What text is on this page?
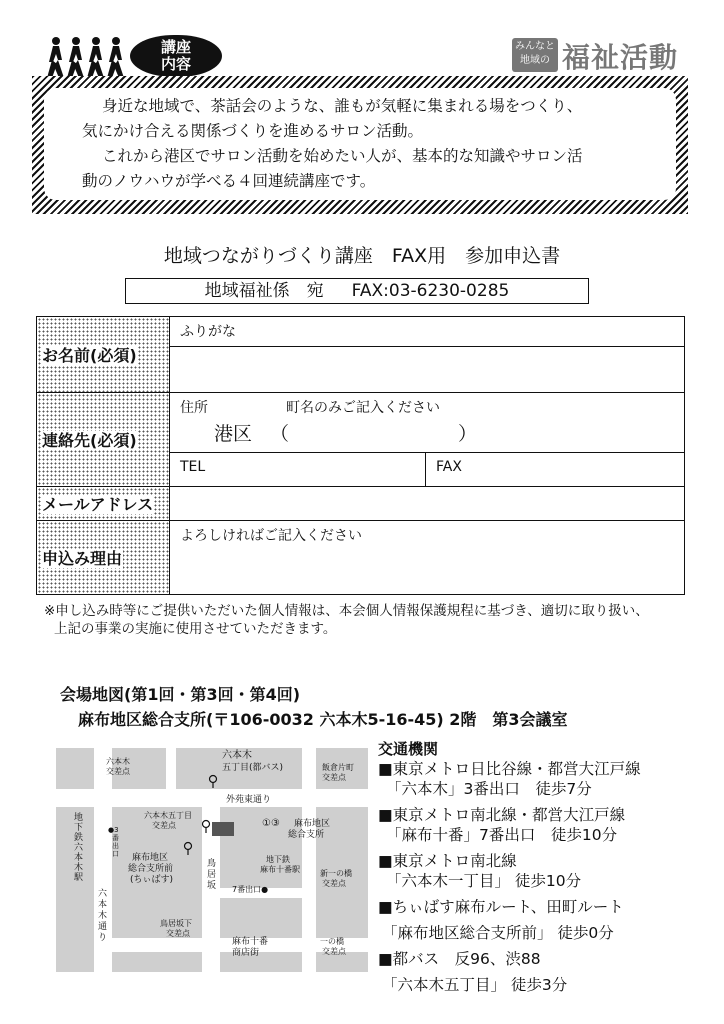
講座
内容
みんなと
地域の 福祉活動

身近な地域で、茶話会のような、誰もが気軽に集まれる場をつくり、

気にかけ合える関係づくりを進めるサロン活動。

これから港区でサロン活動を始めたい人が、基本的な知識やサロン活

動のノウハウが学べる４回連続講座です。

地域つながりづくり講座　FAX用　参加申込書
地域福祉係　宛 FAX:03-6230-0285
お名前(必須)	ふりがな	

連絡先(必須)	住所 町名のみご記入ください
港区 （ ）	

	TEL	FAX

メールアドレス		
申込み理由	よろしければご記入ください	
※申し込み時等にご提供いただいた個人情報は、本会個人情報保護規程に基づき、適切に取り扱い、
上記の事業の実施に使用させていただきます。
会場地図(第1回・第3回・第4回)
麻布地区総合支所(〒106-0032 六本木5-16-45) 2階　第3会議室
六本木交差点
六本木五丁目(都バス)	飯倉片町交差点
外苑東通り
六本木五丁目交差点	①③	麻布地区総合支所
地下鉄六本木駅
●3 番出口	麻布地区総合支所前(ちぃばす)
鳥居坂
地下鉄麻布十番駅
7番出口●
新一の橋交差点
六本木通り
鳥居坂下交差点
麻布十番商店街
一の橋交差点
交通機関
■東京メトロ日比谷線・都営大江戸線
「六本木」3番出口　徒歩7分
■東京メトロ南北線・都営大江戸線
「麻布十番」7番出口　徒歩10分
■東京メトロ南北線
「六本木一丁目」 徒歩10分
■ちぃばす麻布ルート、田町ルート
「麻布地区総合支所前」 徒歩0分
■都バス　反96、渋88
「六本木五丁目」 徒歩3分
